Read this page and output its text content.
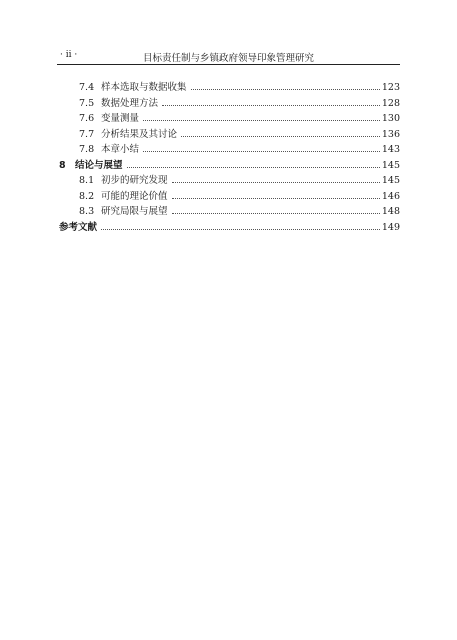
· ii ·	目标责任制与乡镇政府领导印象管理研究
7.4 样本选取与数据收集	123
7.5 数据处理方法	128
7.6 变量测量	130
7.7 分析结果及其讨论	136
7.8 本章小结	143
8 结论与展望	145
8.1 初步的研究发现	145
8.2 可能的理论价值	146
8.3 研究局限与展望	148
参考文献	149
